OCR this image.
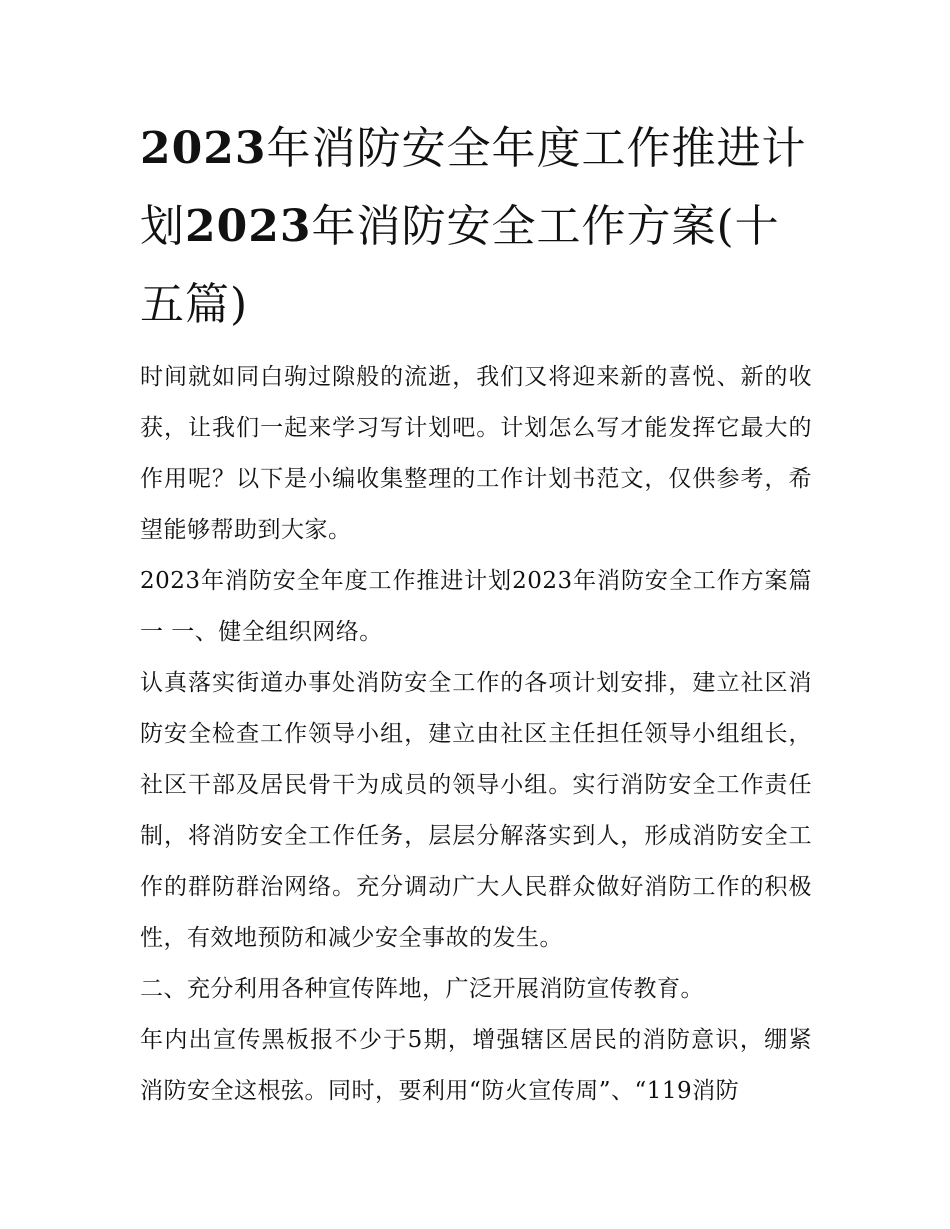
2023年消防安全年度工作推进计划2023年消防安全工作方案(十五篇)

时间就如同白驹过隙般的流逝，我们又将迎来新的喜悦、新的收获，让我们一起来学习写计划吧。计划怎么写才能发挥它最大的作用呢？以下是小编收集整理的工作计划书范文，仅供参考，希望能够帮助到大家。

2023年消防安全年度工作推进计划2023年消防安全工作方案篇一 一、健全组织网络。

认真落实街道办事处消防安全工作的各项计划安排，建立社区消防安全检查工作领导小组，建立由社区主任担任领导小组组长，社区干部及居民骨干为成员的领导小组。实行消防安全工作责任制，将消防安全工作任务，层层分解落实到人，形成消防安全工作的群防群治网络。充分调动广大人民群众做好消防工作的积极性，有效地预防和减少安全事故的发生。

二、充分利用各种宣传阵地，广泛开展消防宣传教育。

年内出宣传黑板报不少于5期，增强辖区居民的消防意识，绷紧消防安全这根弦。同时，要利用“防火宣传周”、“119消防
